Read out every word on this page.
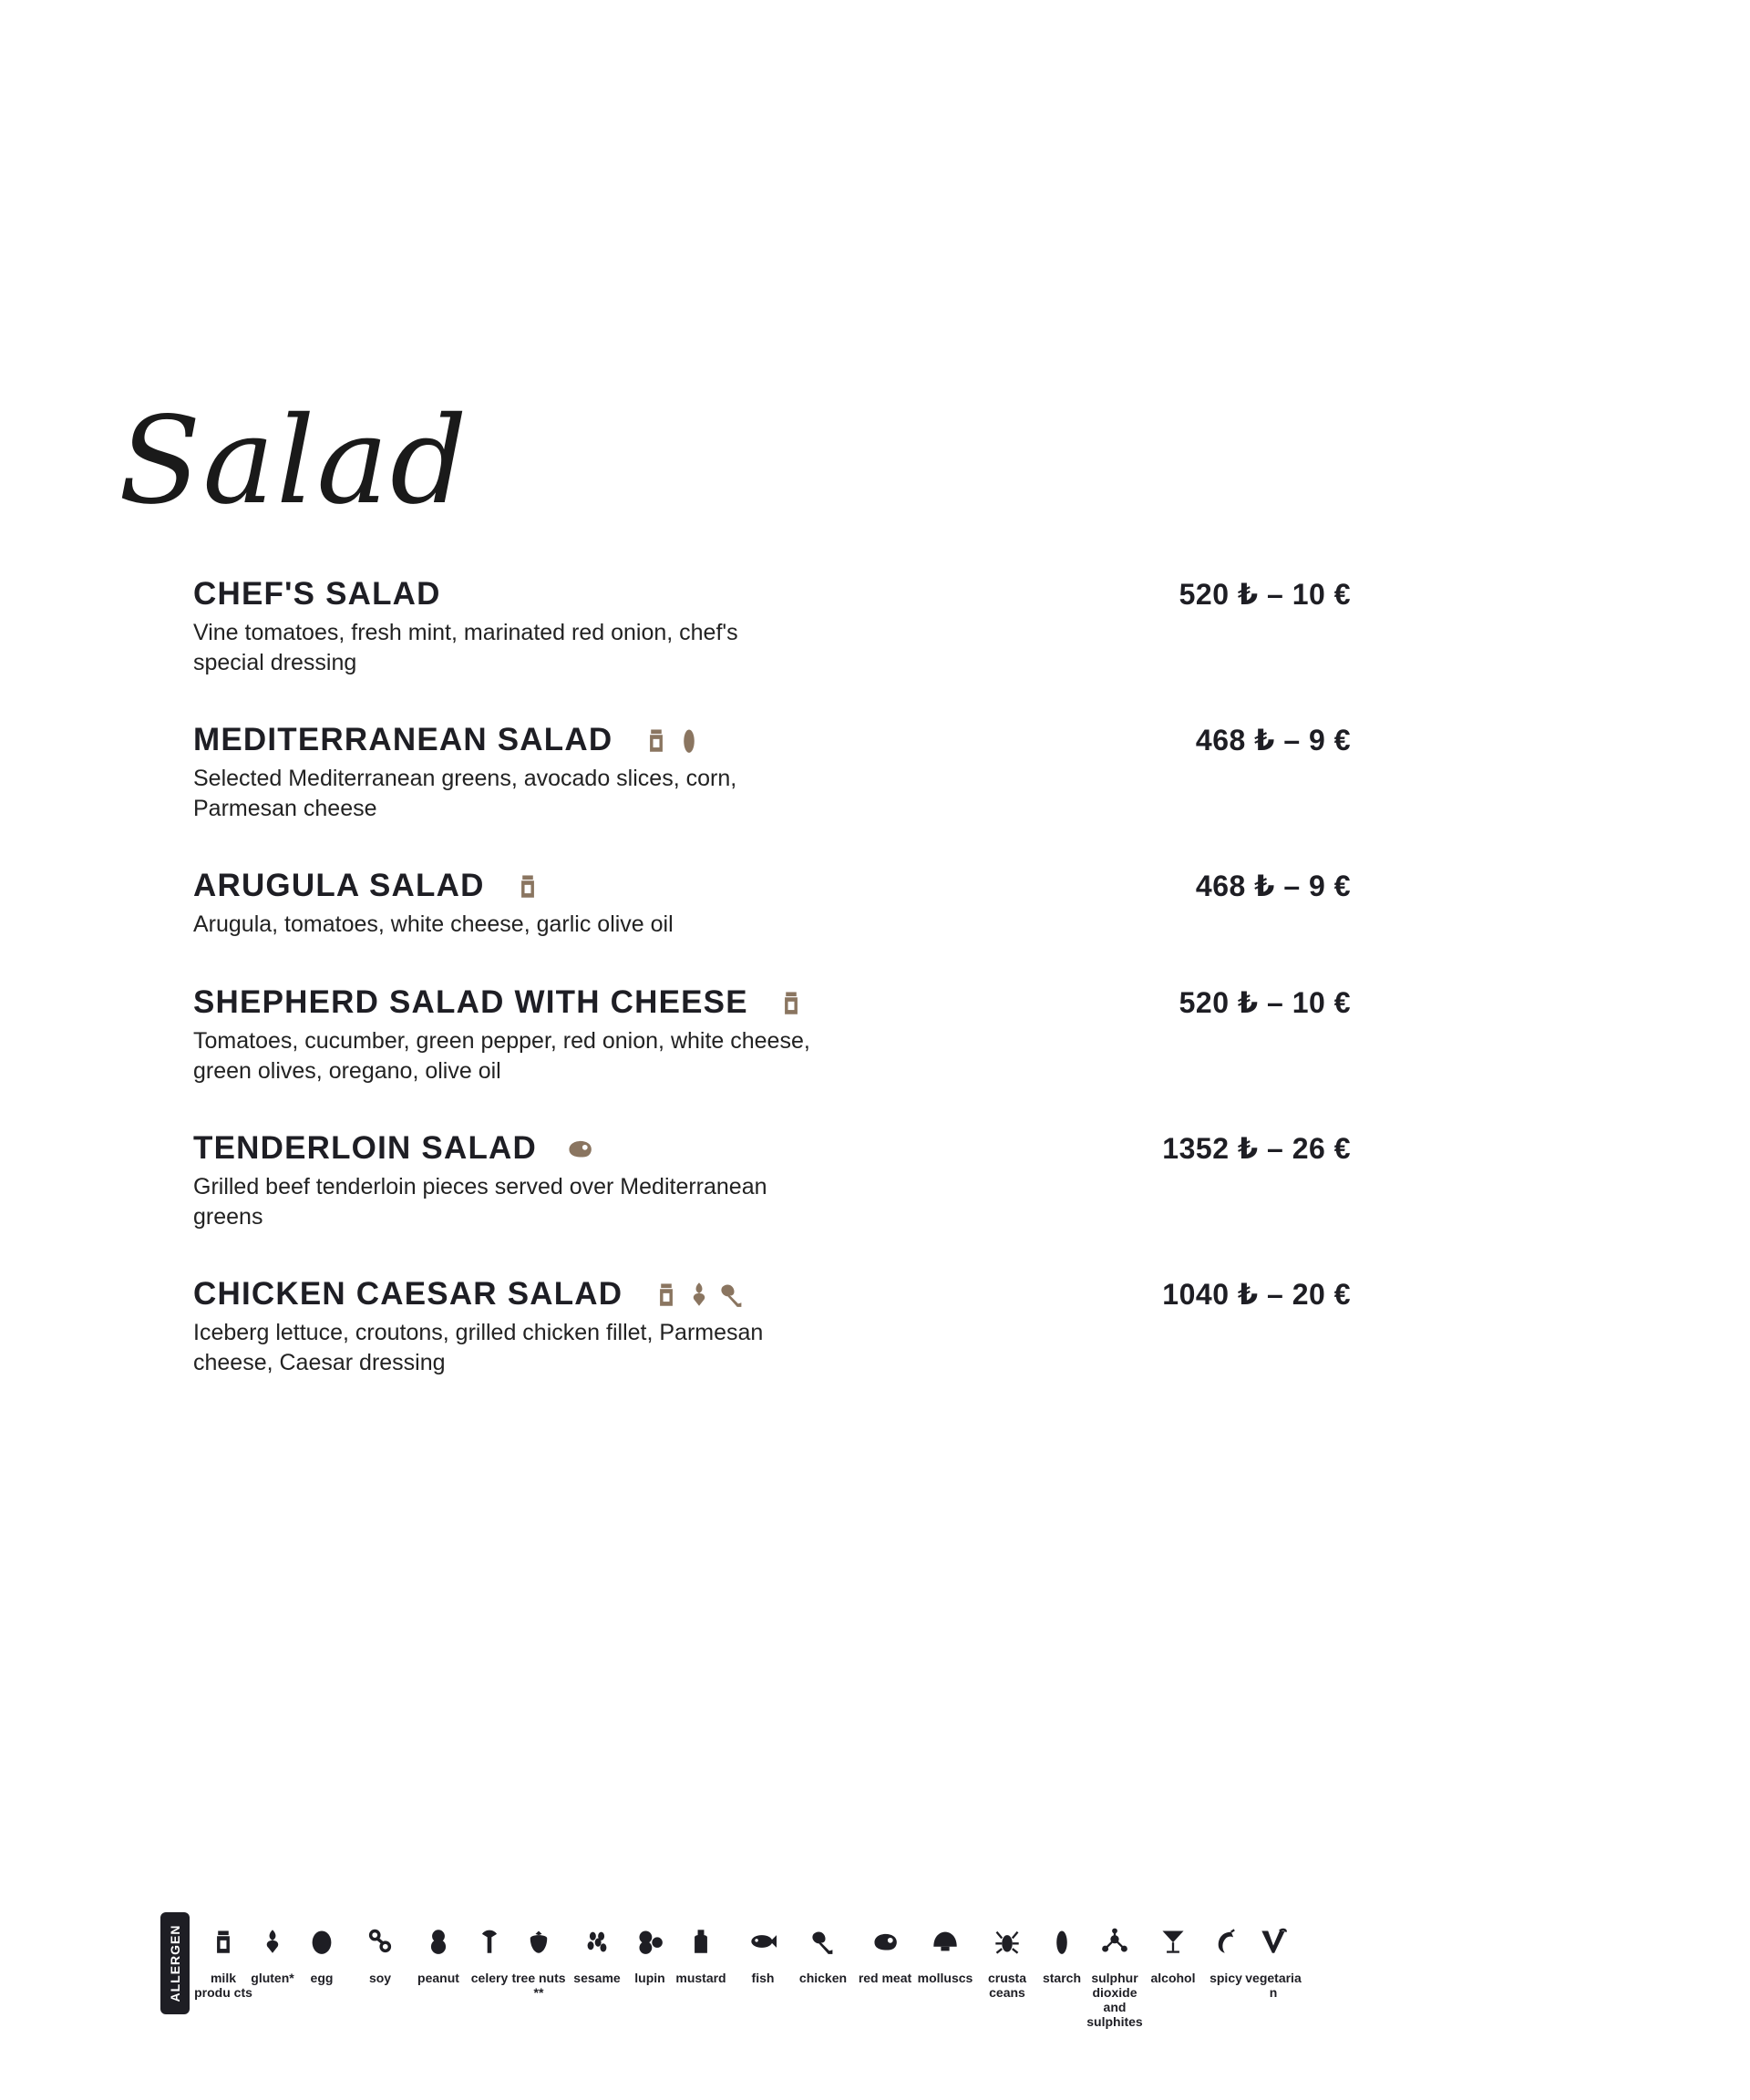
Salad
CHEF'S SALAD	520 ₺ – 10 €
Vine tomatoes, fresh mint, marinated red onion, chef's special dressing
MEDITERRANEAN SALAD	468 ₺ – 9 €
Selected Mediterranean greens, avocado slices, corn, Parmesan cheese
ARUGULA SALAD	468 ₺ – 9 €
Arugula, tomatoes, white cheese, garlic olive oil
SHEPHERD SALAD WITH CHEESE	520 ₺ – 10 €
Tomatoes, cucumber, green pepper, red onion, white cheese, green olives, oregano, olive oil
TENDERLOIN SALAD	1352 ₺ – 26 €
Grilled beef tenderloin pieces served over Mediterranean greens
CHICKEN CAESAR SALAD	1040 ₺ – 20 €
Iceberg lettuce, croutons, grilled chicken fillet, Parmesan cheese, Caesar dressing
ALLERGEN	milk produ cts
gluten*	egg	soy	peanut celery tree nuts **
sesame	lupin mustard	fish	chicken red meat molluscs	crusta ceans
starch sulphur dioxide and sulphites
alcohol	spicy vegetarian
